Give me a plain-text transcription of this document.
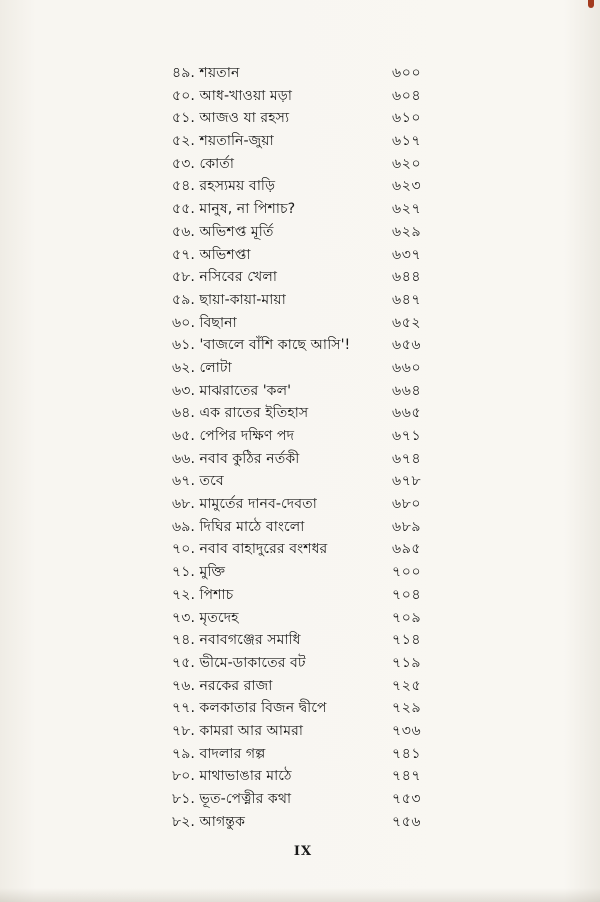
৪৯. শয়তান	৬০০
৫০. আধ-খাওয়া মড়া	৬০৪
৫১. আজও যা রহস্য	৬১০
৫২. শয়তানি-জুয়া	৬১৭
৫৩. কোর্তা	৬২০
৫৪. রহস্যময় বাড়ি	৬২৩
৫৫. মানুষ, না পিশাচ?	৬২৭
৫৬. অভিশপ্ত মূর্তি	৬২৯
৫৭. অভিশপ্তা	৬৩৭
৫৮. নসিবের খেলা	৬৪৪
৫৯. ছায়া-কায়া-মায়া	৬৪৭
৬০. বিছানা	৬৫২
৬১. 'বাজলে বাঁশি কাছে আসি'!	৬৫৬
৬২. লোটা	৬৬০
৬৩. মাঝরাতের 'কল'	৬৬৪
৬৪. এক রাতের ইতিহাস	৬৬৫
৬৫. পেপির দক্ষিণ পদ	৬৭১
৬৬. নবাব কুঠির নর্তকী	৬৭৪
৬৭. তবে	৬৭৮
৬৮. মামুর্তের দানব-দেবতা	৬৮০
৬৯. দিঘির মাঠে বাংলো	৬৮৯
৭০. নবাব বাহাদুরের বংশধর	৬৯৫
৭১. মুক্তি	৭০০
৭২. পিশাচ	৭০৪
৭৩. মৃতদেহ	৭০৯
৭৪. নবাবগঞ্জের সমাধি	৭১৪
৭৫. ভীমে-ডাকাতের বট	৭১৯
৭৬. নরকের রাজা	৭২৫
৭৭. কলকাতার বিজন দ্বীপে	৭২৯
৭৮. কামরা আর আমরা	৭৩৬
৭৯. বাদলার গল্প	৭৪১
৮০. মাথাভাঙার মাঠে	৭৪৭
৮১. ভূত-পেত্নীর কথা	৭৫৩
৮২. আগন্তুক	৭৫৬
IX
